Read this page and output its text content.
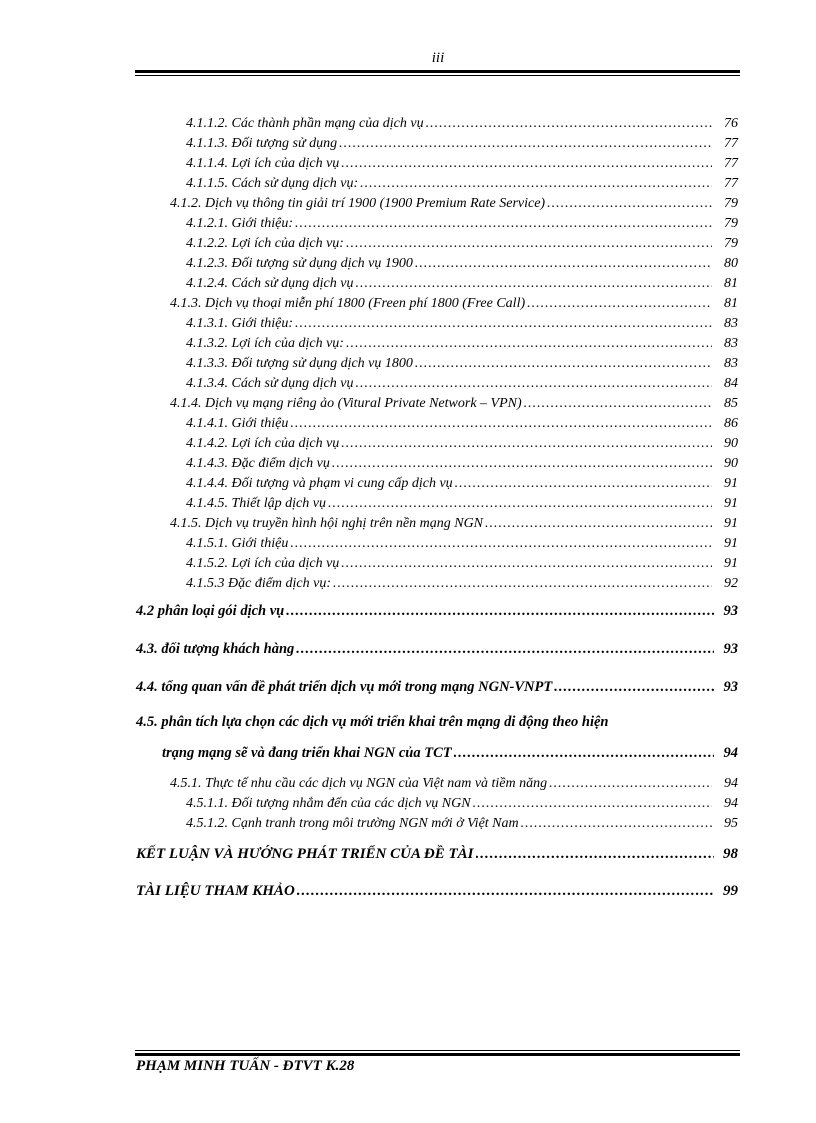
iii
4.1.1.2. Các thành phần mạng của dịch vụ .....	76
4.1.1.3. Đối tượng sử dụng .....	77
4.1.1.4. Lợi ích của dịch vụ .....	77
4.1.1.5. Cách sử dụng dịch vụ: .....	77
4.1.2. Dịch vụ thông tin giải trí 1900 (1900 Premium Rate Service) .....	79
4.1.2.1. Giới thiệu: .....	79
4.1.2.2. Lợi ích của dịch vụ: .....	79
4.1.2.3. Đối tượng sử dụng dịch vụ 1900 .....	80
4.1.2.4. Cách sử dụng dịch vụ .....	81
4.1.3. Dịch vụ thoại miễn phí 1800 (Freen phí 1800 (Free Call) .....	81
4.1.3.1. Giới thiệu: .....	83
4.1.3.2. Lợi ích của dịch vụ: .....	83
4.1.3.3. Đối tượng sử dụng dịch vụ 1800 .....	83
4.1.3.4. Cách sử dụng dịch vụ .....	84
4.1.4. Dịch vụ mạng riêng ảo (Vitural Private Network – VPN) .....	85
4.1.4.1. Giới thiệu .....	86
4.1.4.2. Lợi ích của dịch vụ .....	90
4.1.4.3. Đặc điểm dịch vụ .....	90
4.1.4.4. Đối tượng và phạm vi cung cấp dịch vụ .....	91
4.1.4.5. Thiết lập dịch vụ .....	91
4.1.5. Dịch vụ truyền hình hội nghị trên nền mạng NGN .....	91
4.1.5.1. Giới thiệu .....	91
4.1.5.2. Lợi ích của dịch vụ .....	91
4.1.5.3 Đặc điểm dịch vụ: .....	92
4.2 phân loại gói dịch vụ .....	93
4.3. đối tượng khách hàng .....	93
4.4. tổng quan vấn đề phát triển dịch vụ mới trong mạng NGN-VNPT .....	93
4.5. phân tích lựa chọn các dịch vụ mới triển khai trên mạng di động theo hiện
trạng mạng sẽ và đang triển khai NGN của TCT .....	94
4.5.1. Thực tế nhu cầu các dịch vụ NGN của Việt nam và tiềm năng .....	94
4.5.1.1. Đối tượng nhắm đến của các dịch vụ NGN .....	94
4.5.1.2. Cạnh tranh trong môi trường NGN mới ở Việt Nam .....	95
KẾT LUẬN VÀ HƯỚNG PHÁT TRIỂN CỦA ĐỀ TÀI .....	98
TÀI LIỆU THAM KHẢO .....	99
PHẠM MINH TUẤN - ĐTVT K.28
